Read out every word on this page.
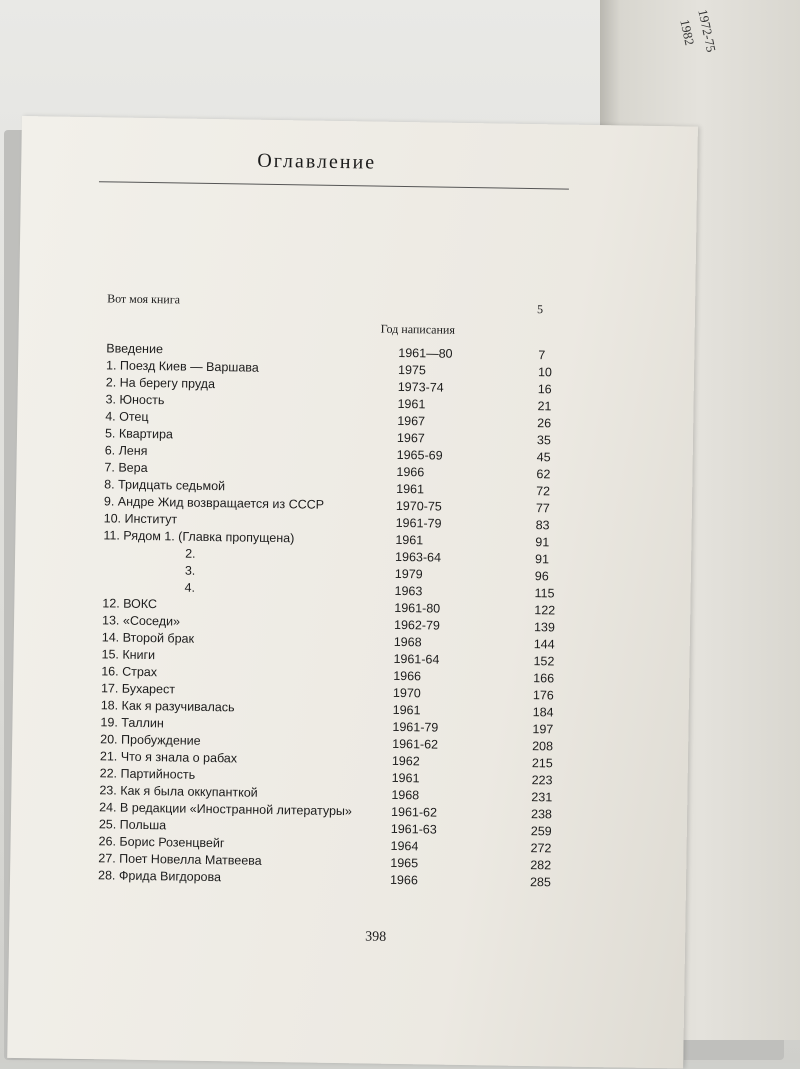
1972-75
1982
Оглавление
Вот моя книга
5
Год написания
Введение	1961—80	7
1. Поезд Киев — Варшава	1975	10
2. На берегу пруда	1973-74	16
3. Юность	1961	21
4. Отец	1967	26
5. Квартира	1967	35
6. Леня	1965-69	45
7. Вера	1966	62
8. Тридцать седьмой	1961	72
9. Андре Жид возвращается из СССР	1970-75	77
10. Институт	1961-79	83
11. Рядом 1. (Главка пропущена)	1961	91
2.	1963-64	91
3.	1979	96
4.	1963	115
12. ВОКС	1961-80	122
13. «Соседи»	1962-79	139
14. Второй брак	1968	144
15. Книги	1961-64	152
16. Страх	1966	166
17. Бухарест	1970	176
18. Как я разучивалась	1961	184
19. Таллин	1961-79	197
20. Пробуждение	1961-62	208
21. Что я знала о рабах	1962	215
22. Партийность	1961	223
23. Как я была оккупанткой	1968	231
24. В редакции «Иностранной литературы»	1961-62	238
25. Польша	1961-63	259
26. Борис Розенцвейг	1964	272
27. Поет Новелла Матвеева	1965	282
28. Фрида Вигдорова	1966	285
398
